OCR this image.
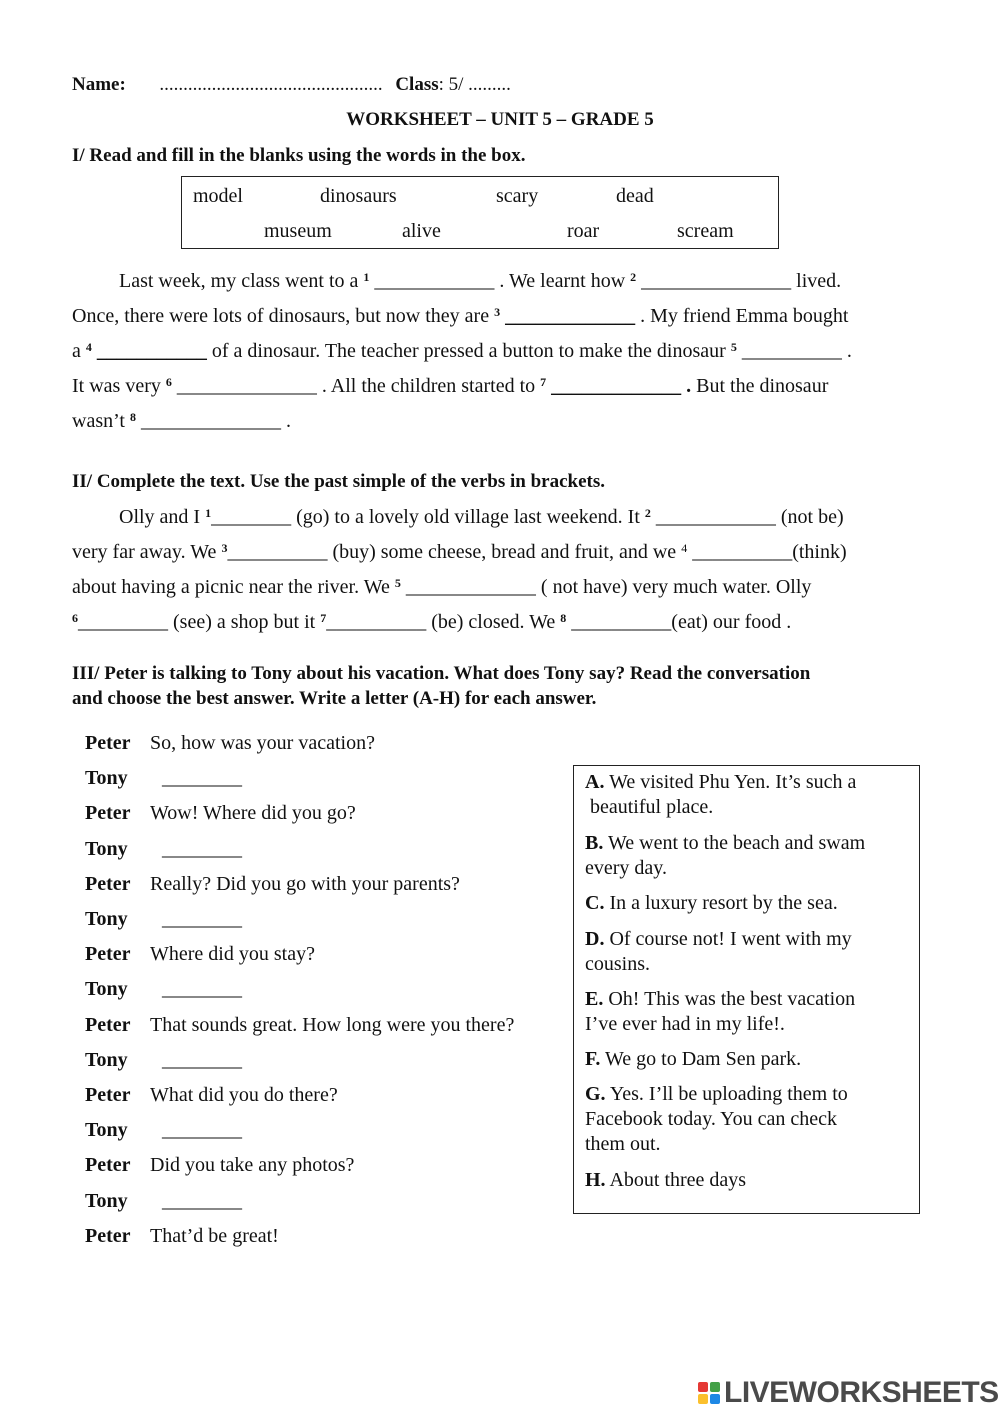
Name: ............................................... Class: 5/ .........
WORKSHEET – UNIT 5 – GRADE 5
I/ Read and fill in the blanks using the words in the box.
model	dinosaurs	scary	dead
museum	alive	roar	scream
Last week, my class went to a $^1$ ____________ . We learnt how $^2$ _______________ lived.
Once, there were lots of dinosaurs, but now they are $^3$ _____________ . My friend Emma bought
a $^4$ ___________ of a dinosaur. The teacher pressed a button to make the dinosaur $^5$ __________ .
It was very $^6$ ______________ . All the children started to $^7$ _____________ . But the dinosaur
wasn’t $^8$ ______________ .
II/ Complete the text. Use the past simple of the verbs in brackets.
Olly and I $^1$________ (go) to a lovely old village last weekend. It $^2$ ____________ (not be)
very far away. We $^3$__________ (buy) some cheese, bread and fruit, and we $^4$ __________(think)
about having a picnic near the river. We $^5$ _____________ ( not have) very much water. Olly
$^6$_________ (see) a shop but it $^7$__________ (be) closed. We $^8$ __________(eat) our food .
III/ Peter is talking to Tony about his vacation. What does Tony say? Read the conversation
and choose the best answer. Write a letter (A-H) for each answer.
Peter So, how was your vacation?
Tony ________
Peter Wow! Where did you go?
Tony ________
Peter Really? Did you go with your parents?
Tony ________
Peter Where did you stay?
Tony ________
Peter That sounds great. How long were you there?
Tony ________
Peter What did you do there?
Tony ________
Peter Did you take any photos?
Tony ________
Peter That’d be great!
A. We visited Phu Yen. It’s such a
beautiful place.
B. We went to the beach and swam
every day.
C. In a luxury resort by the sea.
D. Of course not! I went with my
cousins.
E. Oh! This was the best vacation
I’ve ever had in my life!.
F. We go to Dam Sen park.
G. Yes. I’ll be uploading them to
Facebook today. You can check
them out.
H. About three days
LIVEWORKSHEETS
